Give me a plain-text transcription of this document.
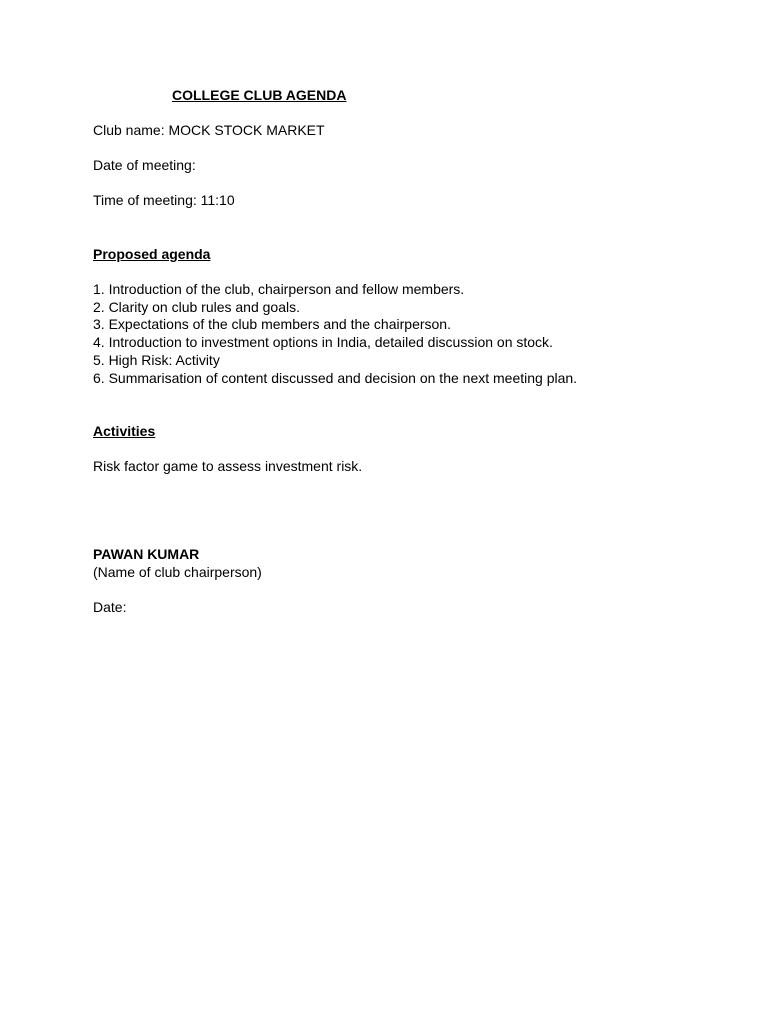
COLLEGE CLUB AGENDA
Club name: MOCK STOCK MARKET
Date of meeting:
Time of meeting: 11:10
Proposed agenda
1. Introduction of the club, chairperson and fellow members.
2. Clarity on club rules and goals.
3. Expectations of the club members and the chairperson.
4. Introduction to investment options in India, detailed discussion on stock.
5. High Risk: Activity
6. Summarisation of content discussed and decision on the next meeting plan.
Activities
Risk factor game to assess investment risk.
PAWAN KUMAR
(Name of club chairperson)
Date:
